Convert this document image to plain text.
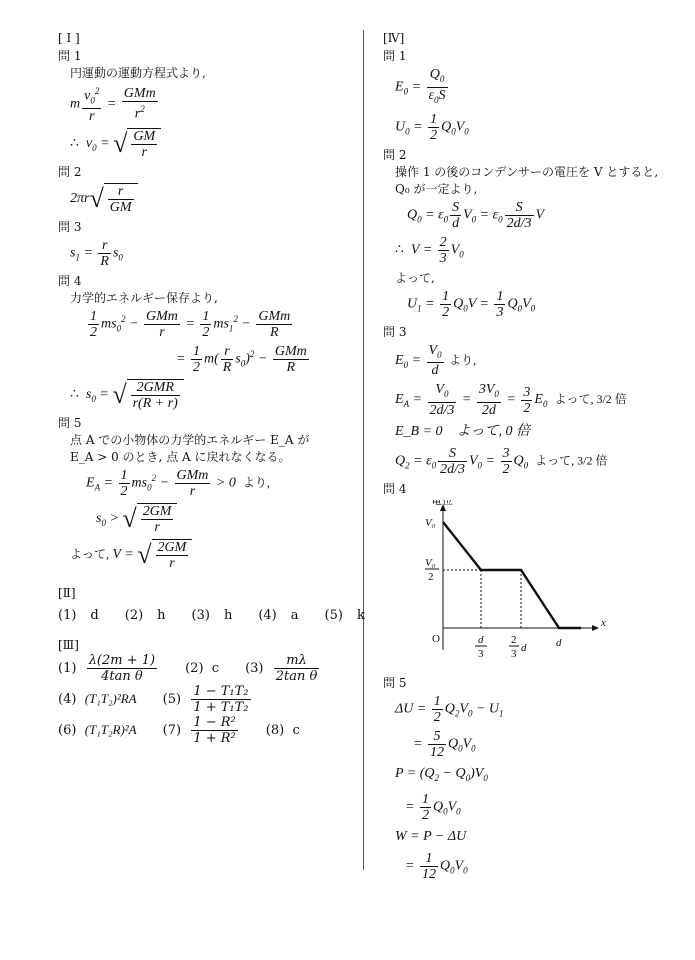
[ I ]
問 1
円運動の運動方程式より,
m $\frac{v_0^2}{r} = \frac{\text{GMm}}{r^2}$
∴  $v_0$ = √ $\frac{GM}{r}$
問 2
$2\pi r√ \frac{r}{GM}$
問 3
$s_1 = \frac{r}{R} s_0$
問 4
力学的エネルギー保存より,
$\frac{1}{2} ms_0^2 - \frac{\text{GMm}}{r} = \frac{1}{2} ms_1^2 - \frac{\text{GMm}}{R}$
= $\frac{1}{2} m( \frac{r}{R} s_0)^2 - \frac{\text{GMm}}{R}$
∴  $s_0$ = √ $\frac{\text{2GMR}}{r(R + r)}$
問 5
点 A での小物体の力学的エネルギー E_A が
E_A > 0 のとき, 点 A に戻れなくなる。
$E_A = \frac{1}{2} ms_0^2 - \frac{\text{GMm}}{r} > 0$  より,
$s_0$ > √ $\frac{2GM}{r}$
よって, V = √ $\frac{2GM}{r}$
[Ⅱ]
(1) d (2) h (3) h (4) a (5) k
[Ⅲ]
$(1) \frac{\lambda(2m + 1)}{\text{4tan θ}} (2)$ c $(3) \frac{m\lambda}{\text{2tan θ}}$
(4) (T₁T₂)²RA $(5) \frac{\text{1 − T₁T₂}}{\text{1 + T₁T₂}}$
(6) (T₁T₂R)²A $(7) \frac{\text{1 − R²}}{\text{1 + R²}} (8)$ c
[Ⅳ]
問 1
$E_0 = \frac{Q_0}{\varepsilon_0S}$
$U_0 = \frac{1}{2} Q_0V_0$
問 2
操作 1 の後のコンデンサーの電圧を V とすると,
Q₀ が一定より,
$Q_0 = \varepsilon_0 \frac{S}{d} V_0 = \varepsilon_0 \frac{S}{2d/3}$ V
∴  $V = \frac{2}{3} V_0$
よって,
$U_1 = \frac{1}{2} Q_0V = \frac{1}{3} Q_0V_0$
問 3
$E_0 = \frac{V_0}{d}$ より,
$E_A = \frac{V_0}{2d/3} = \frac{3V_0}{2d} = \frac{3}{2} E_0$ よって, 3/2 倍
E_B = 0　よって, 0 倍
$Q_2 = \varepsilon_0 \frac{S}{2d/3} V_0 = \frac{3}{2} Q_0$ よって, 3/2 倍
問 4
電位
x
O
V₀
V₀
2
d
3
2
3 d	d
問 5
$\Delta U = \frac{1}{2} Q_2V_0 - U_1$
= $\frac{5}{12} Q_0V_0$
$P = (Q_2 - Q_0)V_0$
= $\frac{1}{2} Q_0V_0$
W = P − ΔU
= $\frac{1}{12} Q_0V_0$
